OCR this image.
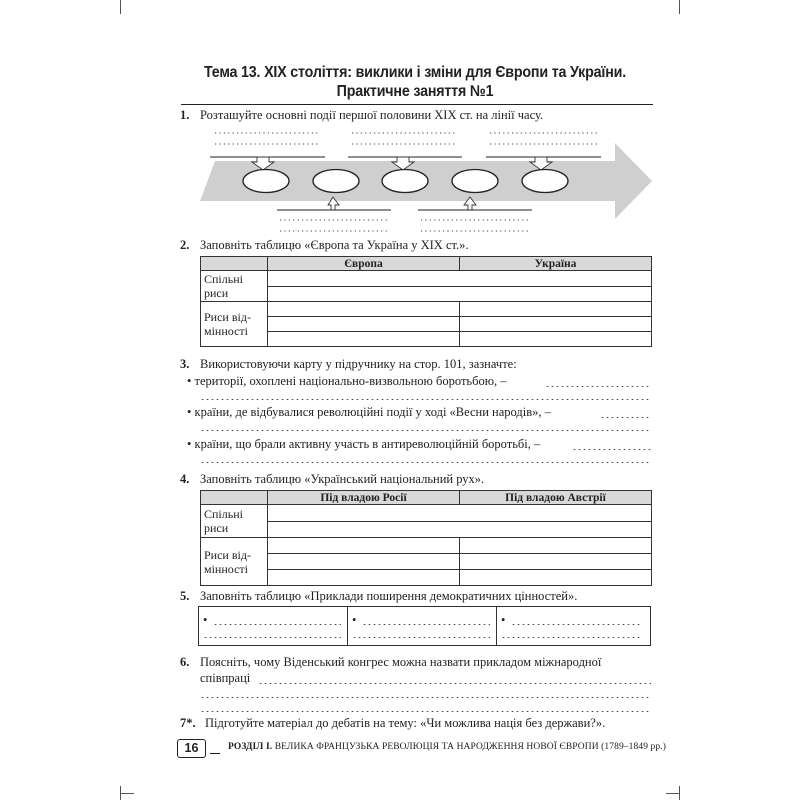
Тема 13. XIX століття: виклики і зміни для Європи та України.
Практичне заняття №1
1. Розташуйте основні події першої половини XIX ст. на лінії часу.
2. Заповніть таблицю «Європа та Україна у XIX ст.».
	Європа	Україна
Спільні риси		

Риси від-мінності		

3. Використовуючи карту у підручнику на стор. 101, зазначте:
• території, охоплені національно-визвольною боротьбою, –
• країни, де відбувалися революційні події у ході «Весни народів», –
• країни, що брали активну участь в антиреволюційній боротьбі, –
4. Заповніть таблицю «Український національний рух».
	Під владою Росії	Під владою Австрії
Спільні риси		

Риси від-мінності		

5. Заповніть таблицю «Приклади поширення демократичних цінностей».
•	•	•
6. Поясніть, чому Віденський конгрес можна назвати прикладом міжнародної
співпраці
7*. Підготуйте матеріал до дебатів на тему: «Чи можлива нація без держави?».
16	РОЗДІЛ І. ВЕЛИКА ФРАНЦУЗЬКА РЕВОЛЮЦІЯ ТА НАРОДЖЕННЯ НОВОЇ ЄВРОПИ (1789–1849 рр.)
